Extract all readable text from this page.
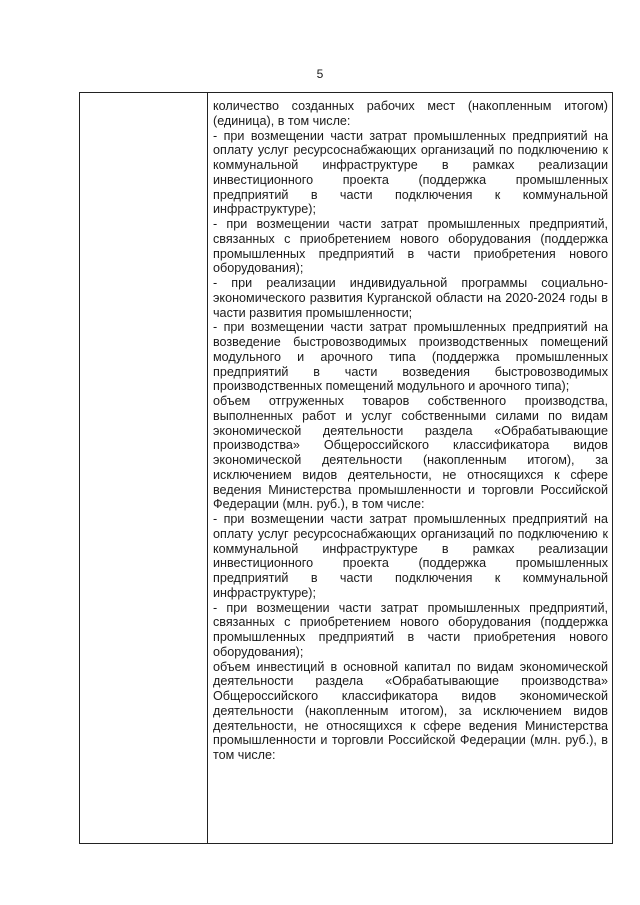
5

количество созданных рабочих мест (накопленным итогом) (единица), в том числе:

- при возмещении части затрат промышленных предприятий на оплату услуг ресурсоснабжающих организаций по подключению к коммунальной инфраструктуре в рамках реализации инвестиционного проекта (поддержка промышленных предприятий в части подключения к коммунальной инфраструктуре);

- при возмещении части затрат промышленных предприятий, связанных с приобретением нового оборудования (поддержка промышленных предприятий в части приобретения нового оборудования);

- при реализации индивидуальной программы социально-экономического развития Курганской области на 2020-2024 годы в части развития промышленности;

- при возмещении части затрат промышленных предприятий на возведение быстровозводимых производственных помещений модульного и арочного типа (поддержка промышленных предприятий в части возведения быстровозводимых производственных помещений модульного и арочного типа);

объем отгруженных товаров собственного производства, выполненных работ и услуг собственными силами по видам экономической деятельности раздела «Обрабатывающие производства» Общероссийского классификатора видов экономической деятельности (накопленным итогом), за исключением видов деятельности, не относящихся к сфере ведения Министерства промышленности и торговли Российской Федерации (млн. руб.), в том числе:

- при возмещении части затрат промышленных предприятий на оплату услуг ресурсоснабжающих организаций по подключению к коммунальной инфраструктуре в рамках реализации инвестиционного проекта (поддержка промышленных предприятий в части подключения к коммунальной инфраструктуре);

- при возмещении части затрат промышленных предприятий, связанных с приобретением нового оборудования (поддержка промышленных предприятий в части приобретения нового оборудования);

объем инвестиций в основной капитал по видам экономической деятельности раздела «Обрабатывающие производства» Общероссийского классификатора видов экономической деятельности (накопленным итогом), за исключением видов деятельности, не относящихся к сфере ведения Министерства промышленности и торговли Российской Федерации (млн. руб.), в том числе:
